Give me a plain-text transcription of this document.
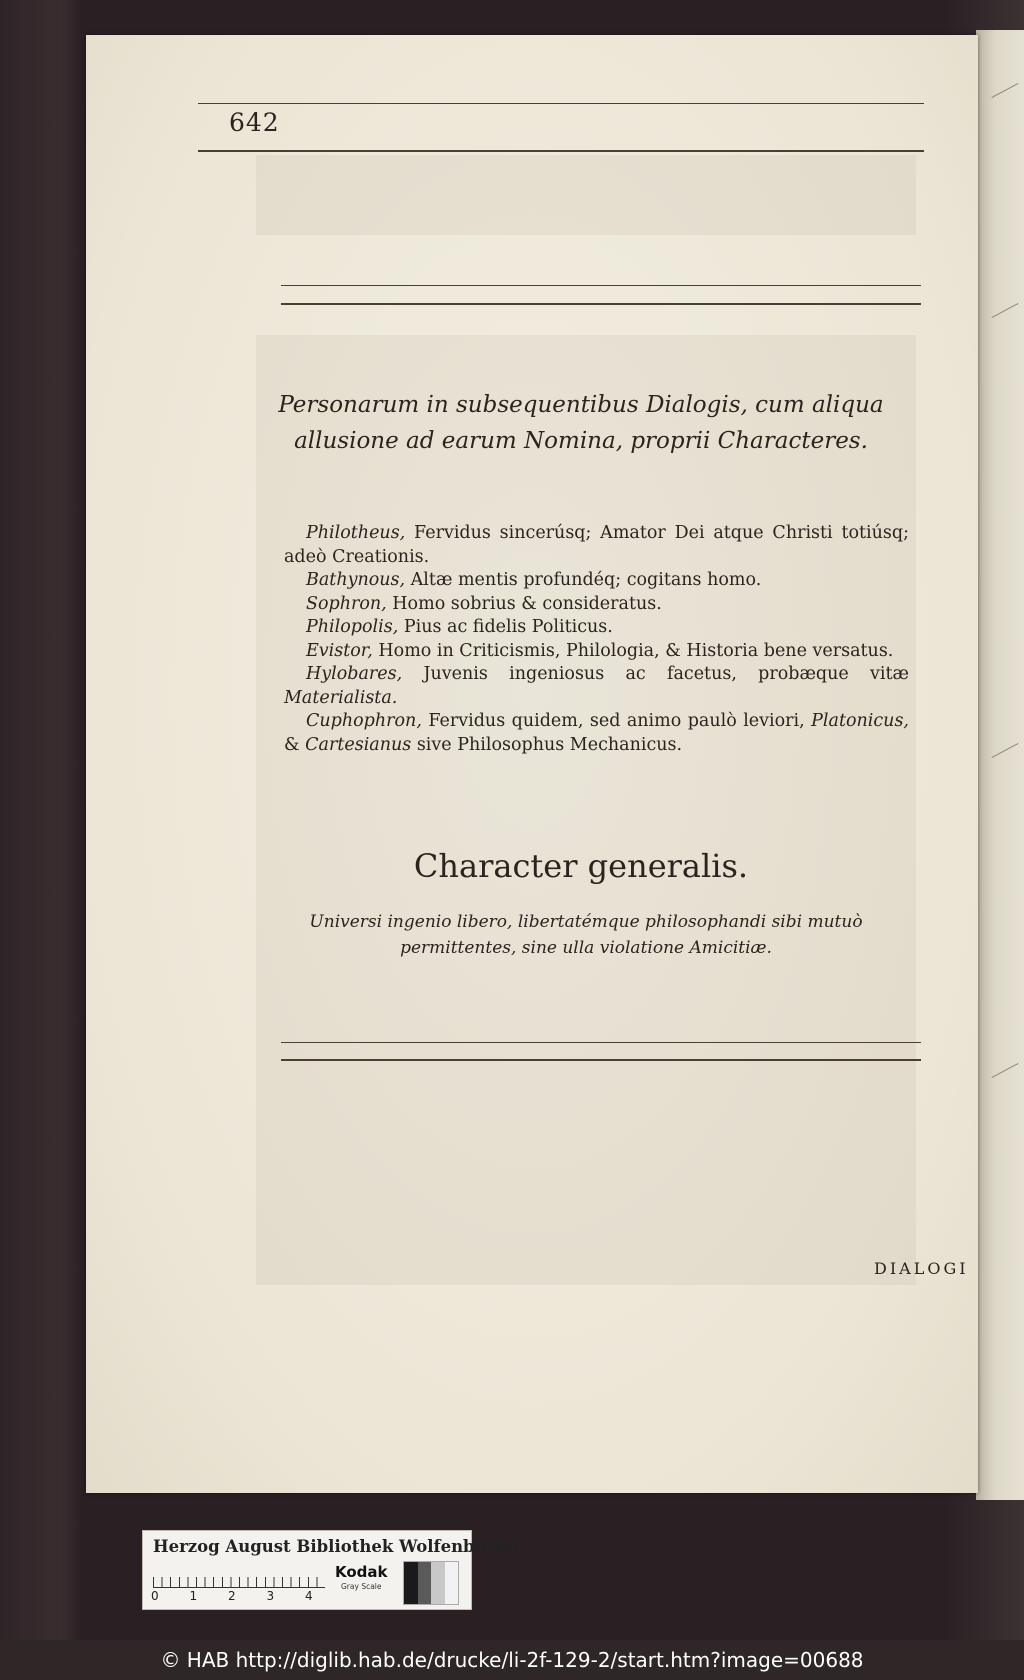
642
Personarum in subsequentibus Dialogis, cum aliqua allusione ad earum Nomina, proprii Characteres.
Philotheus, Fervidus sincerúsq; Amator Dei atque Christi totiúsq; adeò Creationis.
Bathynous, Altæ mentis profundéq; cogitans homo.
Sophron, Homo sobrius & consideratus.
Philopolis, Pius ac fidelis Politicus.
Evistor, Homo in Criticismis, Philologia, & Historia bene versatus.
Hylobares, Juvenis ingeniosus ac facetus, probæque vitæ Materialista.
Cuphophron, Fervidus quidem, sed animo paulò leviori, Platonicus, & Cartesianus sive Philosophus Mechanicus.
Character generalis.
Universi ingenio libero, libertatémque philosophandi sibi mutuò permittentes, sine ulla violatione Amicitiæ.
DIALOGI
Herzog August Bibliothek Wolfenbüttel
0	1	2	3	4
Kodak
Gray Scale
© HAB http://diglib.hab.de/drucke/li-2f-129-2/start.htm?image=00688
